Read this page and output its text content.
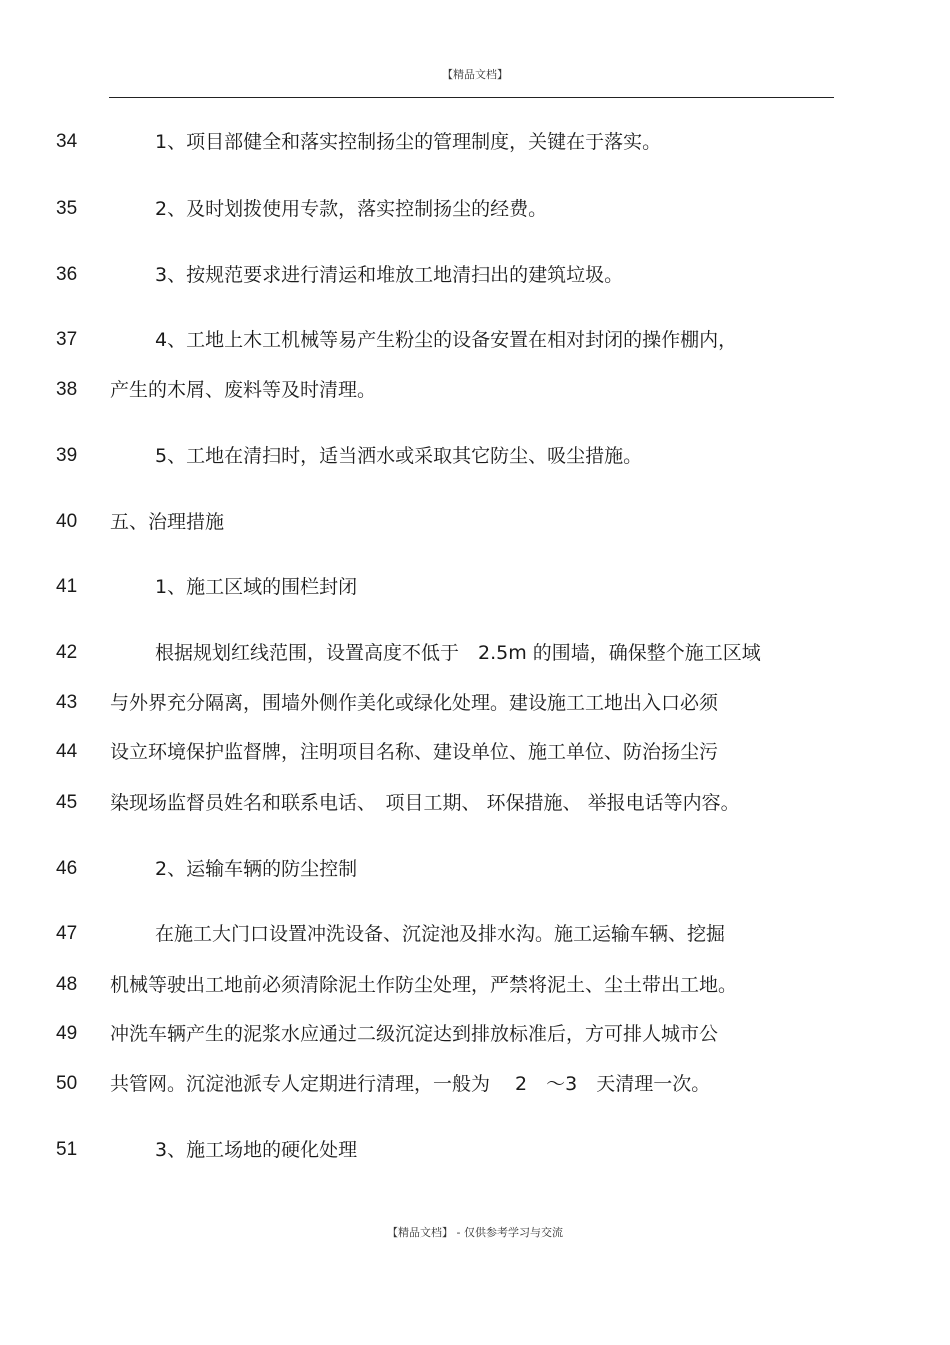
【精品文档】
34	1、项目部健全和落实控制扬尘的管理制度，关键在于落实。
35	2、及时划拨使用专款，落实控制扬尘的经费。
36	3、按规范要求进行清运和堆放工地清扫出的建筑垃圾。
37	4、工地上木工机械等易产生粉尘的设备安置在相对封闭的操作棚内，
38 产生的木屑、废料等及时清理。
39	5、工地在清扫时，适当洒水或采取其它防尘、吸尘措施。
40 五、治理措施
41	1、施工区域的围栏封闭
42	根据规划红线范围，设置高度不低于　2.5m 的围墙，确保整个施工区域
43 与外界充分隔离，围墙外侧作美化或绿化处理。建设施工工地出入口必须
44 设立环境保护监督牌，注明项目名称、建设单位、施工单位、防治扬尘污
45 染现场监督员姓名和联系电话、　项目工期、 环保措施、 举报电话等内容。
46	2、运输车辆的防尘控制
47	在施工大门口设置冲洗设备、沉淀池及排水沟。施工运输车辆、挖掘
48 机械等驶出工地前必须清除泥土作防尘处理，严禁将泥土、尘土带出工地。
49 冲洗车辆产生的泥浆水应通过二级沉淀达到排放标准后，方可排人城市公
50 共管网。沉淀池派专人定期进行清理，一般为　 2　～3　天清理一次。
51	3、施工场地的硬化处理
【精品文档】 - 仅供参考学习与交流
